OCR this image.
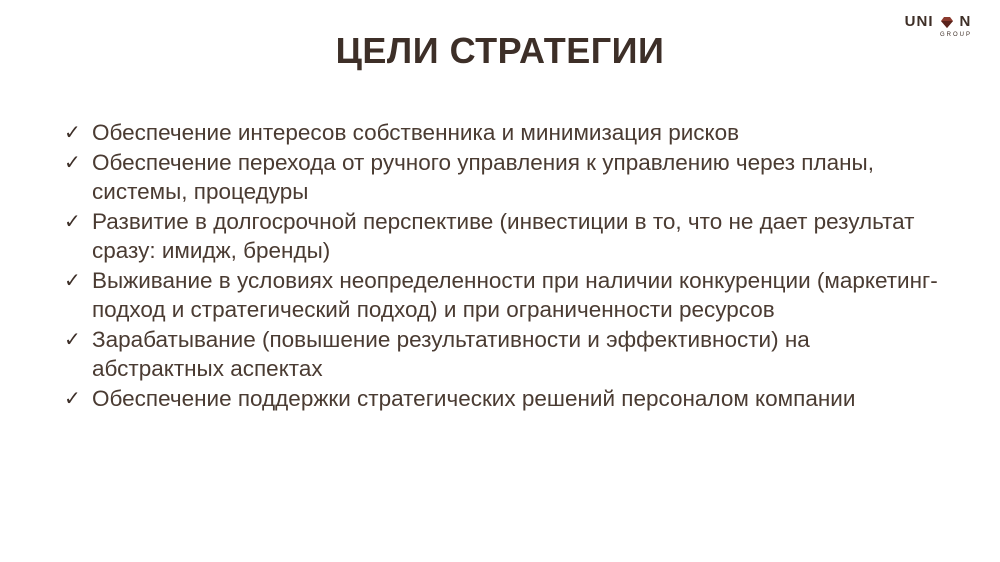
UNI N
GROUP
ЦЕЛИ СТРАТЕГИИ
✓ Обеспечение интересов собственника и минимизация рисков
✓ Обеспечение перехода от ручного управления к управлению через планы, системы, процедуры
✓ Развитие в долгосрочной перспективе (инвестиции в то, что не дает результат сразу: имидж, бренды)
✓ Выживание в условиях неопределенности при наличии конкуренции (маркетинг-подход и стратегический подход) и при ограниченности ресурсов
✓ Зарабатывание (повышение результативности и эффективности) на абстрактных аспектах
✓ Обеспечение поддержки стратегических решений персоналом компании
